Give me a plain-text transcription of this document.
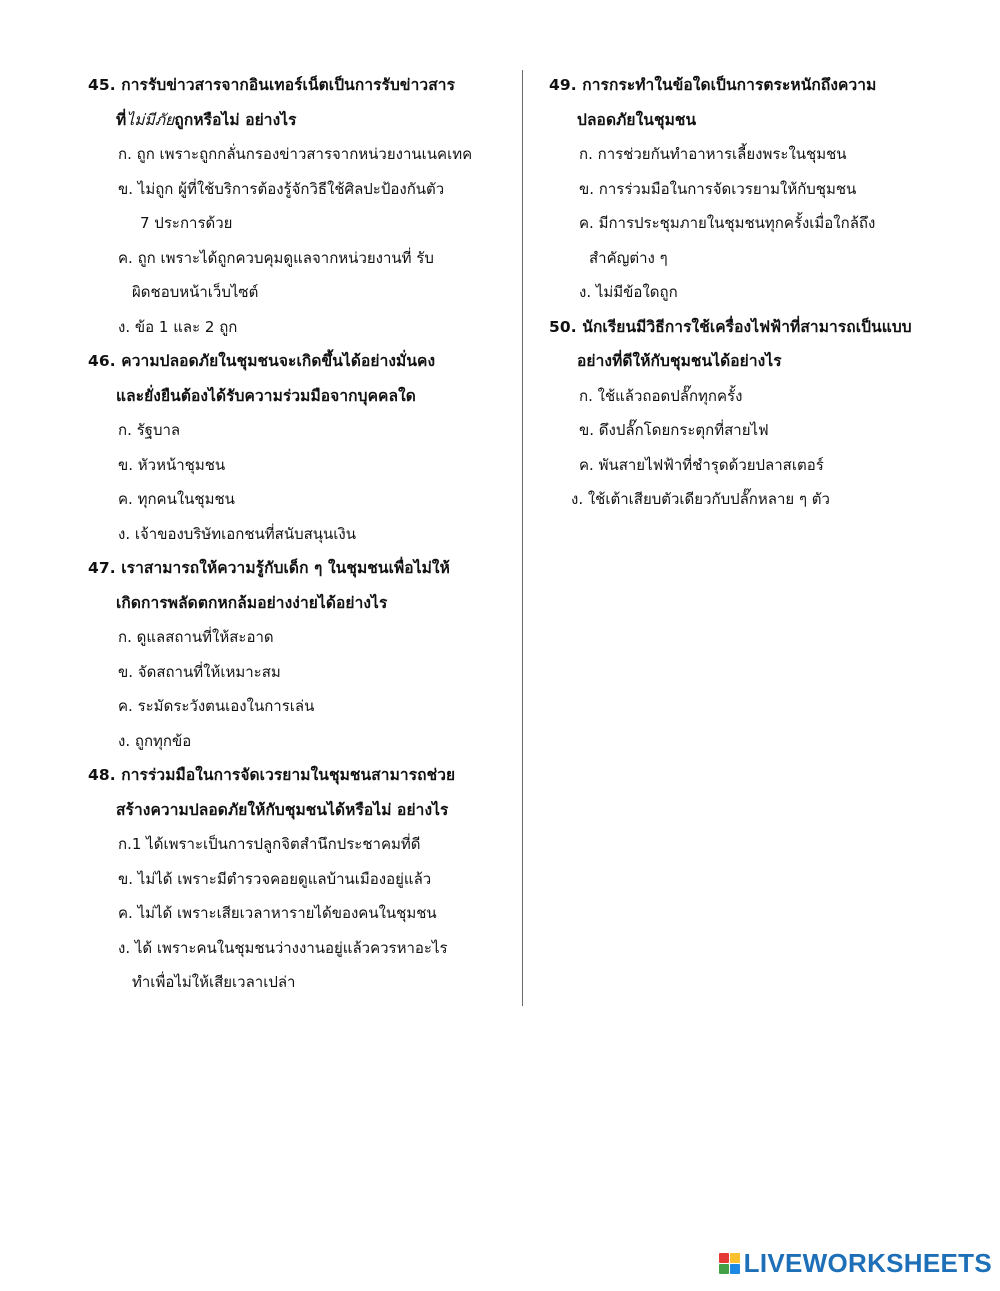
45. การรับข่าวสารจากอินเทอร์เน็ตเป็นการรับข่าวสาร
ที่ไม่มีภัยถูกหรือไม่ อย่างไร
ก. ถูก เพราะถูกกลั่นกรองข่าวสารจากหน่วยงานเนคเทค
ข. ไม่ถูก ผู้ที่ใช้บริการต้องรู้จักวิธีใช้ศิลปะป้องกันตัว
7 ประการด้วย
ค. ถูก เพราะได้ถูกควบคุมดูแลจากหน่วยงานที่ รับ
ผิดชอบหน้าเว็บไซต์
ง. ข้อ 1 และ 2 ถูก
46. ความปลอดภัยในชุมชนจะเกิดขึ้นได้อย่างมั่นคง
และยั่งยืนต้องได้รับความร่วมมือจากบุคคลใด
ก. รัฐบาล
ข. หัวหน้าชุมชน
ค. ทุกคนในชุมชน
ง. เจ้าของบริษัทเอกชนที่สนับสนุนเงิน
47. เราสามารถให้ความรู้กับเด็ก ๆ ในชุมชนเพื่อไม่ให้
เกิดการพลัดตกหกล้มอย่างง่ายได้อย่างไร
ก. ดูแลสถานที่ให้สะอาด
ข. จัดสถานที่ให้เหมาะสม
ค. ระมัดระวังตนเองในการเล่น
ง. ถูกทุกข้อ
48. การร่วมมือในการจัดเวรยามในชุมชนสามารถช่วย
สร้างความปลอดภัยให้กับชุมชนได้หรือไม่ อย่างไร
ก.1 ได้เพราะเป็นการปลูกจิตสำนึกประชาคมที่ดี
ข. ไม่ได้ เพราะมีตำรวจคอยดูแลบ้านเมืองอยู่แล้ว
ค. ไม่ได้ เพราะเสียเวลาหารายได้ของคนในชุมชน
ง. ได้ เพราะคนในชุมชนว่างงานอยู่แล้วควรหาอะไร
ทำเพื่อไม่ให้เสียเวลาเปล่า
49. การกระทำในข้อใดเป็นการตระหนักถึงความ
ปลอดภัยในชุมชน
ก. การช่วยกันทำอาหารเลี้ยงพระในชุมชน
ข. การร่วมมือในการจัดเวรยามให้กับชุมชน
ค. มีการประชุมภายในชุมชนทุกครั้งเมื่อใกล้ถึง
สำคัญต่าง ๆ
ง. ไม่มีข้อใดถูก
50. นักเรียนมีวิธีการใช้เครื่องไฟฟ้าที่สามารถเป็นแบบ
อย่างที่ดีให้กับชุมชนได้อย่างไร
ก. ใช้แล้วถอดปลั๊กทุกครั้ง
ข. ดึงปลั๊กโดยกระตุกที่สายไฟ
ค. พันสายไฟฟ้าที่ชำรุดด้วยปลาสเตอร์
ง. ใช้เต้าเสียบตัวเดียวกับปลั๊กหลาย ๆ ตัว
LIVEWORKSHEETS
